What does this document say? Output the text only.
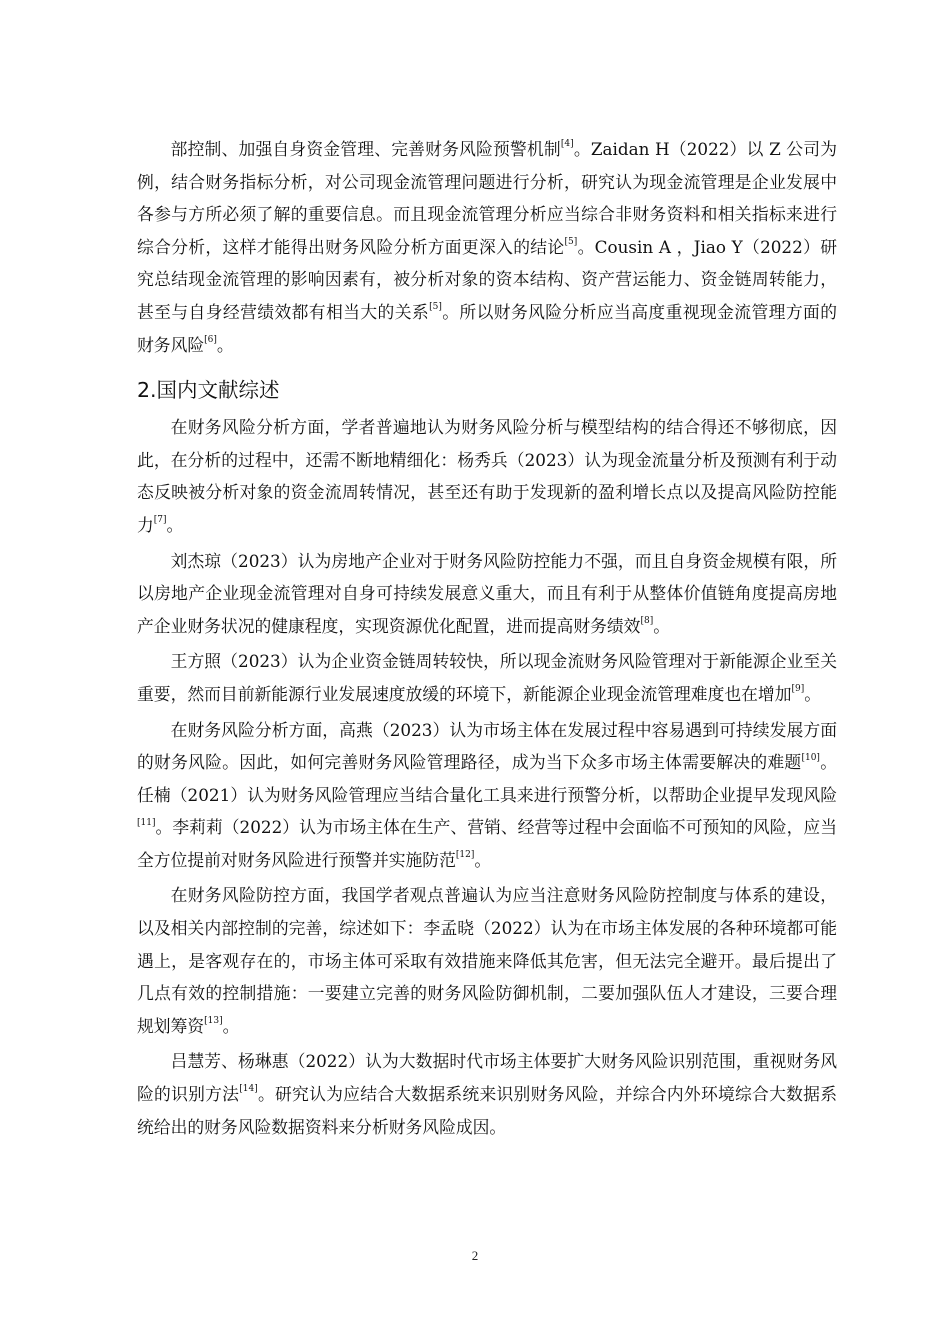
部控制、加强自身资金管理、完善财务风险预警机制[4]。Zaidan H（2022）以 Z 公司为例，结合财务指标分析，对公司现金流管理问题进行分析，研究认为现金流管理是企业发展中各参与方所必须了解的重要信息。而且现金流管理分析应当综合非财务资料和相关指标来进行综合分析，这样才能得出财务风险分析方面更深入的结论[5]。Cousin A ，Jiao Y（2022）研究总结现金流管理的影响因素有，被分析对象的资本结构、资产营运能力、资金链周转能力，甚至与自身经营绩效都有相当大的关系[5]。所以财务风险分析应当高度重视现金流管理方面的财务风险[6]。

2.国内文献综述

在财务风险分析方面，学者普遍地认为财务风险分析与模型结构的结合得还不够彻底，因此，在分析的过程中，还需不断地精细化：杨秀兵（2023）认为现金流量分析及预测有利于动态反映被分析对象的资金流周转情况，甚至还有助于发现新的盈利增长点以及提高风险防控能力[7]。

刘杰琼（2023）认为房地产企业对于财务风险防控能力不强，而且自身资金规模有限，所以房地产企业现金流管理对自身可持续发展意义重大，而且有利于从整体价值链角度提高房地产企业财务状况的健康程度，实现资源优化配置，进而提高财务绩效[8]。

王方照（2023）认为企业资金链周转较快，所以现金流财务风险管理对于新能源企业至关重要，然而目前新能源行业发展速度放缓的环境下，新能源企业现金流管理难度也在增加[9]。

在财务风险分析方面，高燕（2023）认为市场主体在发展过程中容易遇到可持续发展方面的财务风险。因此，如何完善财务风险管理路径，成为当下众多市场主体需要解决的难题[10]。任楠（2021）认为财务风险管理应当结合量化工具来进行预警分析，以帮助企业提早发现风险[11]。李莉莉（2022）认为市场主体在生产、营销、经营等过程中会面临不可预知的风险，应当全方位提前对财务风险进行预警并实施防范[12]。

在财务风险防控方面，我国学者观点普遍认为应当注意财务风险防控制度与体系的建设，以及相关内部控制的完善，综述如下：李孟晓（2022）认为在市场主体发展的各种环境都可能遇上，是客观存在的，市场主体可采取有效措施来降低其危害，但无法完全避开。最后提出了几点有效的控制措施：一要建立完善的财务风险防御机制，二要加强队伍人才建设，三要合理规划筹资[13]。

吕慧芳、杨琳惠（2022）认为大数据时代市场主体要扩大财务风险识别范围，重视财务风险的识别方法[14]。研究认为应结合大数据系统来识别财务风险，并综合内外环境综合大数据系统给出的财务风险数据资料来分析财务风险成因。

2
